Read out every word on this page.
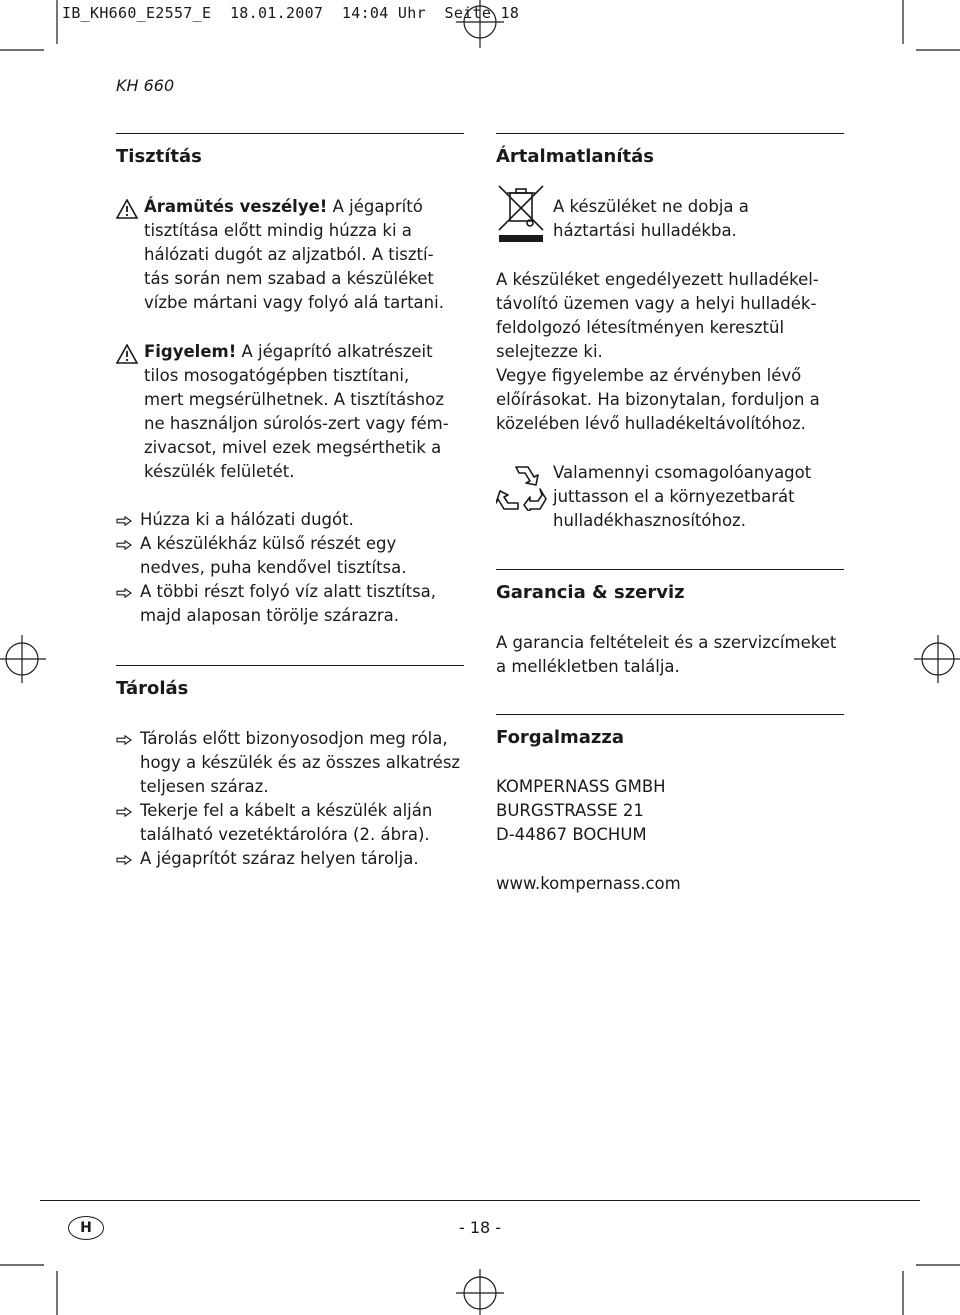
IB_KH660_E2557_E  18.01.2007  14:04 Uhr  Seite 18
KH 660
Tisztítás

Áramütés veszélye! A jégaprító
tisztítása előtt mindig húzza ki a
hálózati dugót az aljzatból. A tisztí-
tás során nem szabad a készüléket
vízbe mártani vagy folyó alá tartani.

Figyelem! A jégaprító alkatrészeit
tilos mosogatógépben tisztítani,
mert megsérülhetnek. A tisztításhoz
ne használjon súrolós-zert vagy fém-
zivacsot, mivel ezek megsérthetik a
készülék felületét.

Húzza ki a hálózati dugót.

A készülékház külső részét egy
nedves, puha kendővel tisztítsa.

A többi részt folyó víz alatt tisztítsa,
majd alaposan törölje szárazra.

Tárolás

Tárolás előtt bizonyosodjon meg róla,
hogy a készülék és az összes alkatrész
teljesen száraz.

Tekerje fel a kábelt a készülék alján
található vezetéktárolóra (2. ábra).

A jégaprítót száraz helyen tárolja.

Ártalmatlanítás

A készüléket ne dobja a
háztartási hulladékba.

A készüléket engedélyezett hulladékel-
távolító üzemen vagy a helyi hulladék-
feldolgozó létesítményen keresztül
selejtezze ki.
Vegye figyelembe az érvényben lévő
előírásokat. Ha bizonytalan, forduljon a
közelében lévő hulladékeltávolítóhoz.

Valamennyi csomagolóanyagot
juttasson el a környezetbarát
hulladékhasznosítóhoz.

Garancia & szerviz

A garancia feltételeit és a szervizcímeket
a mellékletben találja.

Forgalmazza

KOMPERNASS GMBH
BURGSTRASSE 21
D-44867 BOCHUM

www.kompernass.com

H	- 18 -
